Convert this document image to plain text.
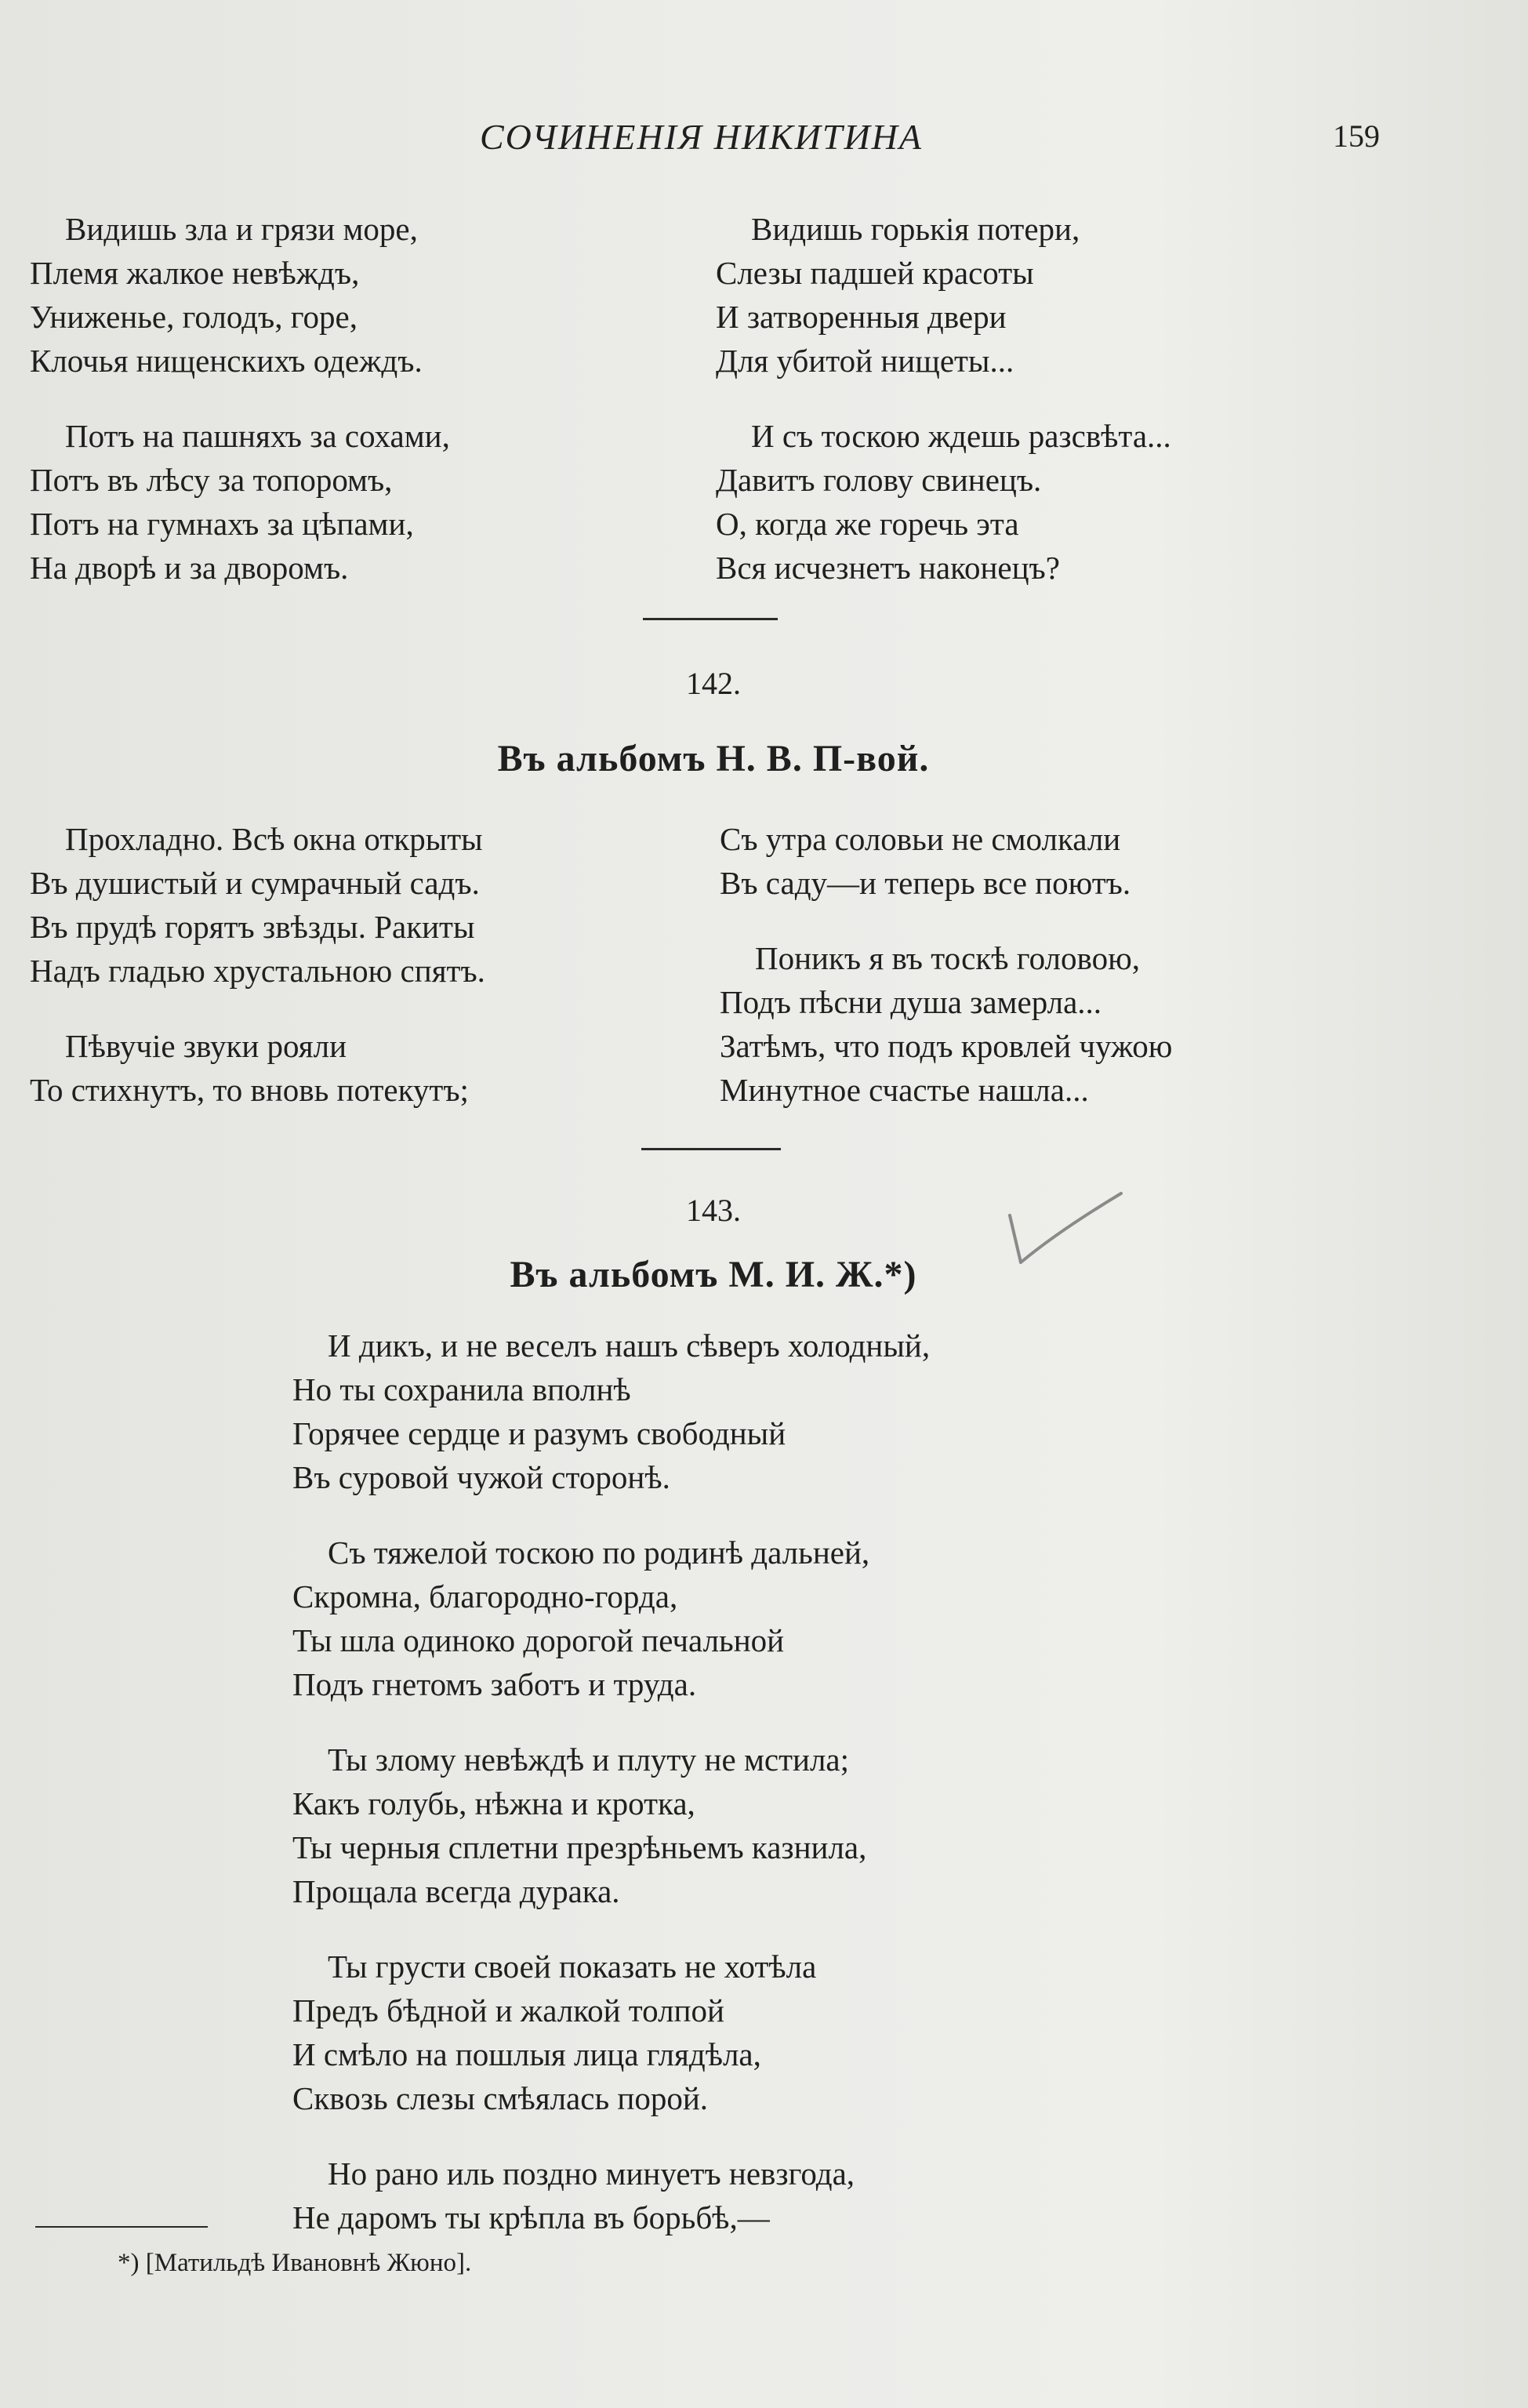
СОЧИНЕНІЯ НИКИТИНА	159
Видишь зла и грязи море,
Племя жалкое невѣждъ,
Униженье, голодъ, горе,
Клочья нищенскихъ одеждъ.
Потъ на пашняхъ за сохами,
Потъ въ лѣсу за топоромъ,
Потъ на гумнахъ за цѣпами,
На дворѣ и за дворомъ.
Видишь горькія потери,
Слезы падшей красоты
И затворенныя двери
Для убитой нищеты...
И съ тоскою ждешь разсвѣта...
Давитъ голову свинецъ.
О, когда же горечь эта
Вся исчезнетъ наконецъ?
142.
Въ альбомъ Н. В. П-вой.
Прохладно. Всѣ окна открыты
Въ душистый и сумрачный садъ.
Въ прудѣ горятъ звѣзды. Ракиты
Надъ гладью хрустальною спятъ.
Пѣвучіе звуки рояли
То стихнутъ, то вновь потекутъ;
Съ утра соловьи не смолкали
Въ саду—и теперь все поютъ.
Поникъ я въ тоскѣ головою,
Подъ пѣсни душа замерла...
Затѣмъ, что подъ кровлей чужою
Минутное счастье нашла...
143.
Въ альбомъ М. И. Ж.*)
И дикъ, и не веселъ нашъ сѣверъ холодный,
Но ты сохранила вполнѣ
Горячее сердце и разумъ свободный
Въ суровой чужой сторонѣ.
Съ тяжелой тоскою по родинѣ дальней,
Скромна, благородно-горда,
Ты шла одиноко дорогой печальной
Подъ гнетомъ заботъ и труда.
Ты злому невѣждѣ и плуту не мстила;
Какъ голубь, нѣжна и кротка,
Ты черныя сплетни презрѣньемъ казнила,
Прощала всегда дурака.
Ты грусти своей показать не хотѣла
Предъ бѣдной и жалкой толпой
И смѣло на пошлыя лица глядѣла,
Сквозь слезы смѣялась порой.
Но рано иль поздно минуетъ невзгода,
Не даромъ ты крѣпла въ борьбѣ,—
*) [Матильдѣ Ивановнѣ Жюно].
